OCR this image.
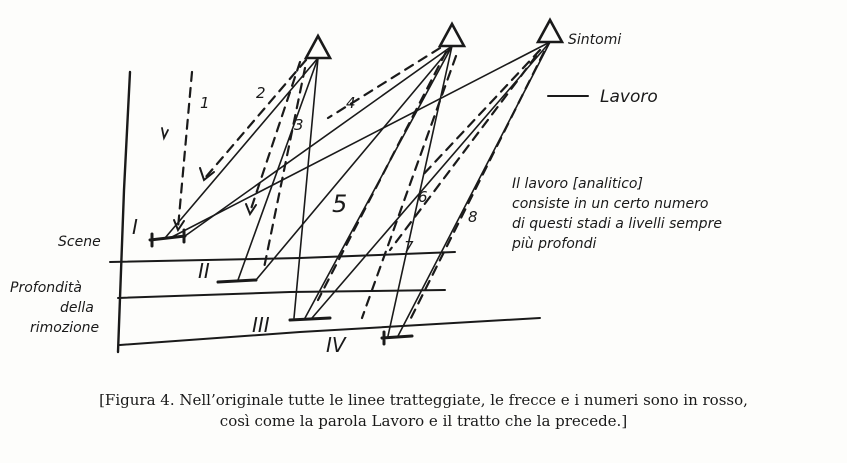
Sintomi
Lavoro
Scene
Profondità
della
rimozione
Il lavoro [analitico]
consiste in un certo numero
di questi stadi a livelli sempre
più profondi
I
II
III
IV
1
2
3
4
5	6
7
8
[Figura 4. Nell’originale tutte le linee tratteggiate, le frecce e i numeri sono in rosso,
così come la parola Lavoro e il tratto che la precede.]
